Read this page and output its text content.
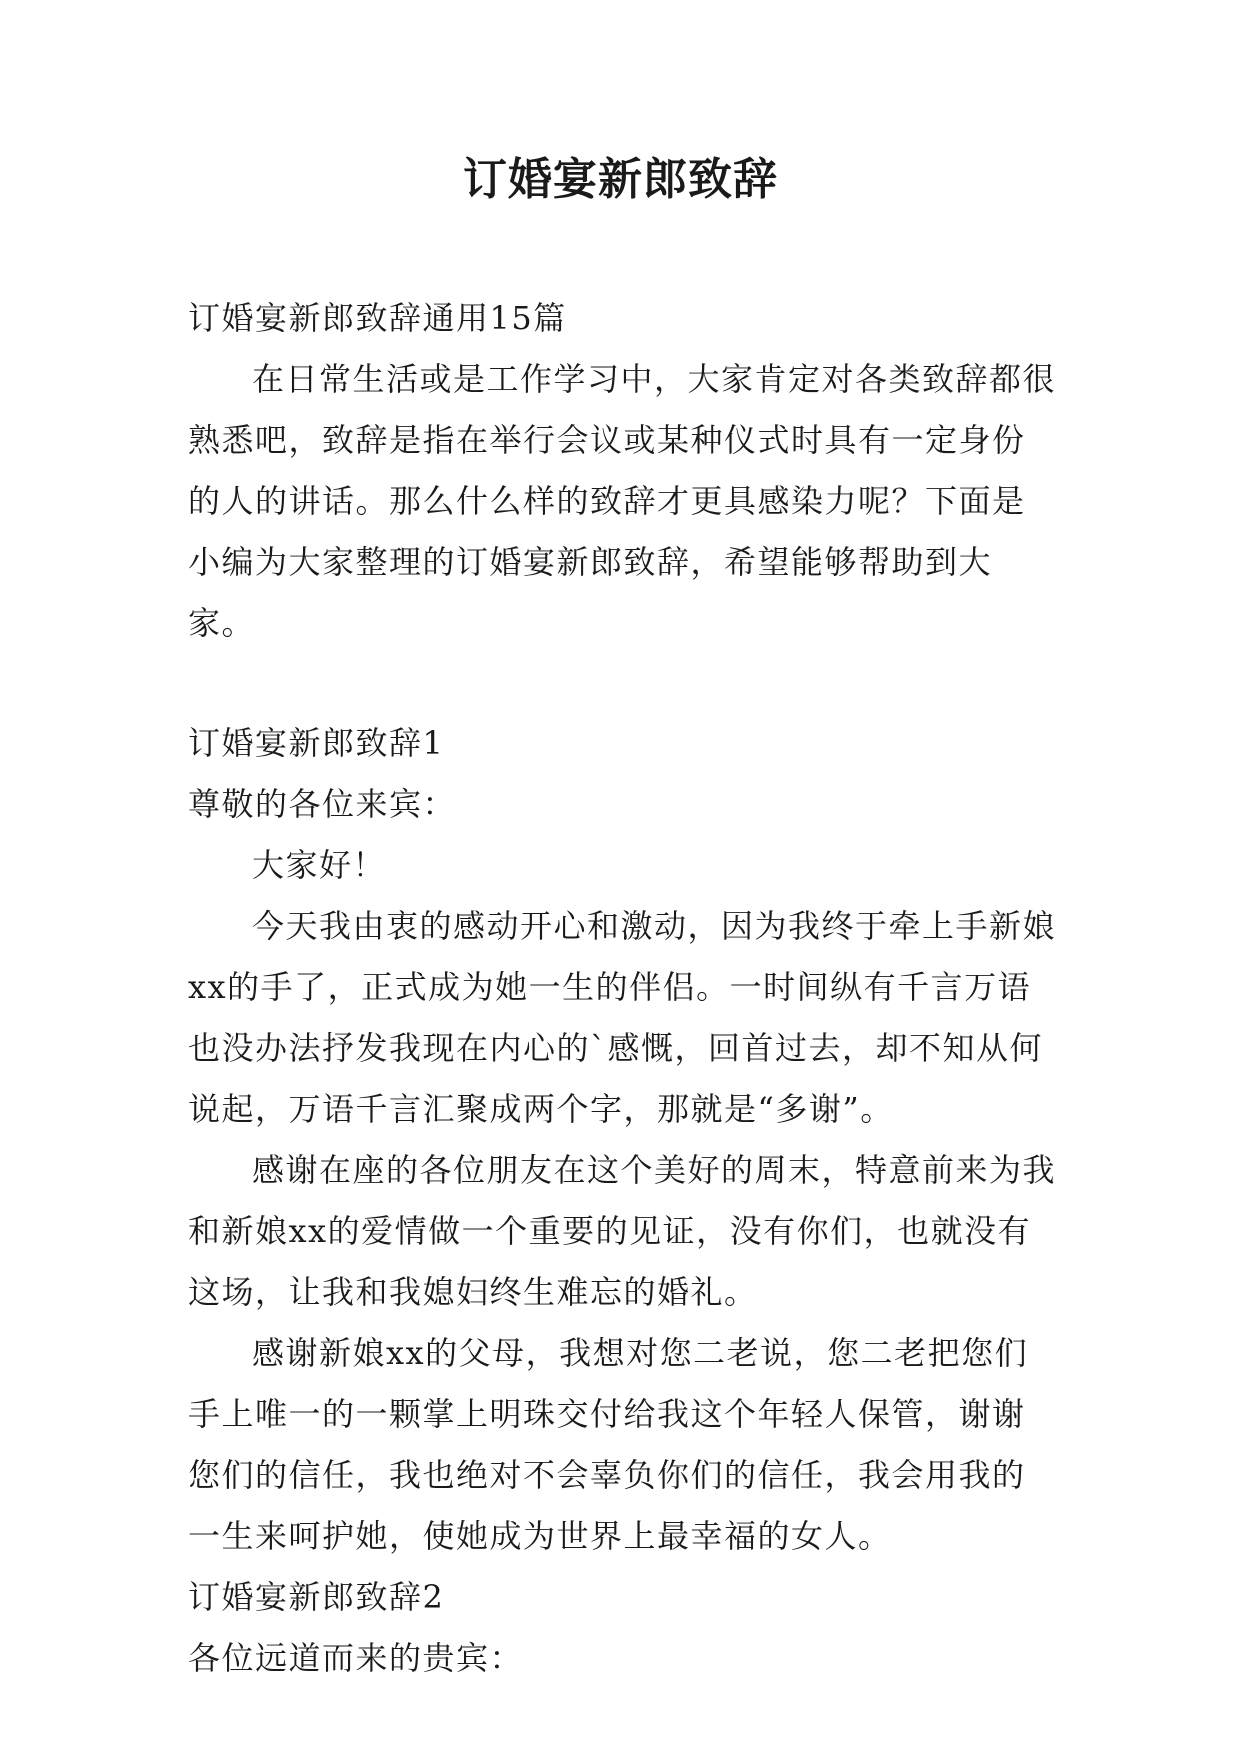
订婚宴新郎致辞

订婚宴新郎致辞通用15篇

在日常生活或是工作学习中，大家肯定对各类致辞都很熟悉吧，致辞是指在举行会议或某种仪式时具有一定身份的人的讲话。那么什么样的致辞才更具感染力呢？下面是小编为大家整理的订婚宴新郎致辞，希望能够帮助到大家。

订婚宴新郎致辞1

尊敬的各位来宾：

大家好！

今天我由衷的感动开心和激动，因为我终于牵上手新娘xx的手了，正式成为她一生的伴侣。一时间纵有千言万语也没办法抒发我现在内心的`感慨，回首过去，却不知从何说起，万语千言汇聚成两个字，那就是“多谢”。

感谢在座的各位朋友在这个美好的周末，特意前来为我和新娘xx的爱情做一个重要的见证，没有你们，也就没有这场，让我和我媳妇终生难忘的婚礼。

感谢新娘xx的父母，我想对您二老说，您二老把您们手上唯一的一颗掌上明珠交付给我这个年轻人保管，谢谢您们的信任，我也绝对不会辜负你们的信任，我会用我的一生来呵护她，使她成为世界上最幸福的女人。

订婚宴新郎致辞2

各位远道而来的贵宾：
